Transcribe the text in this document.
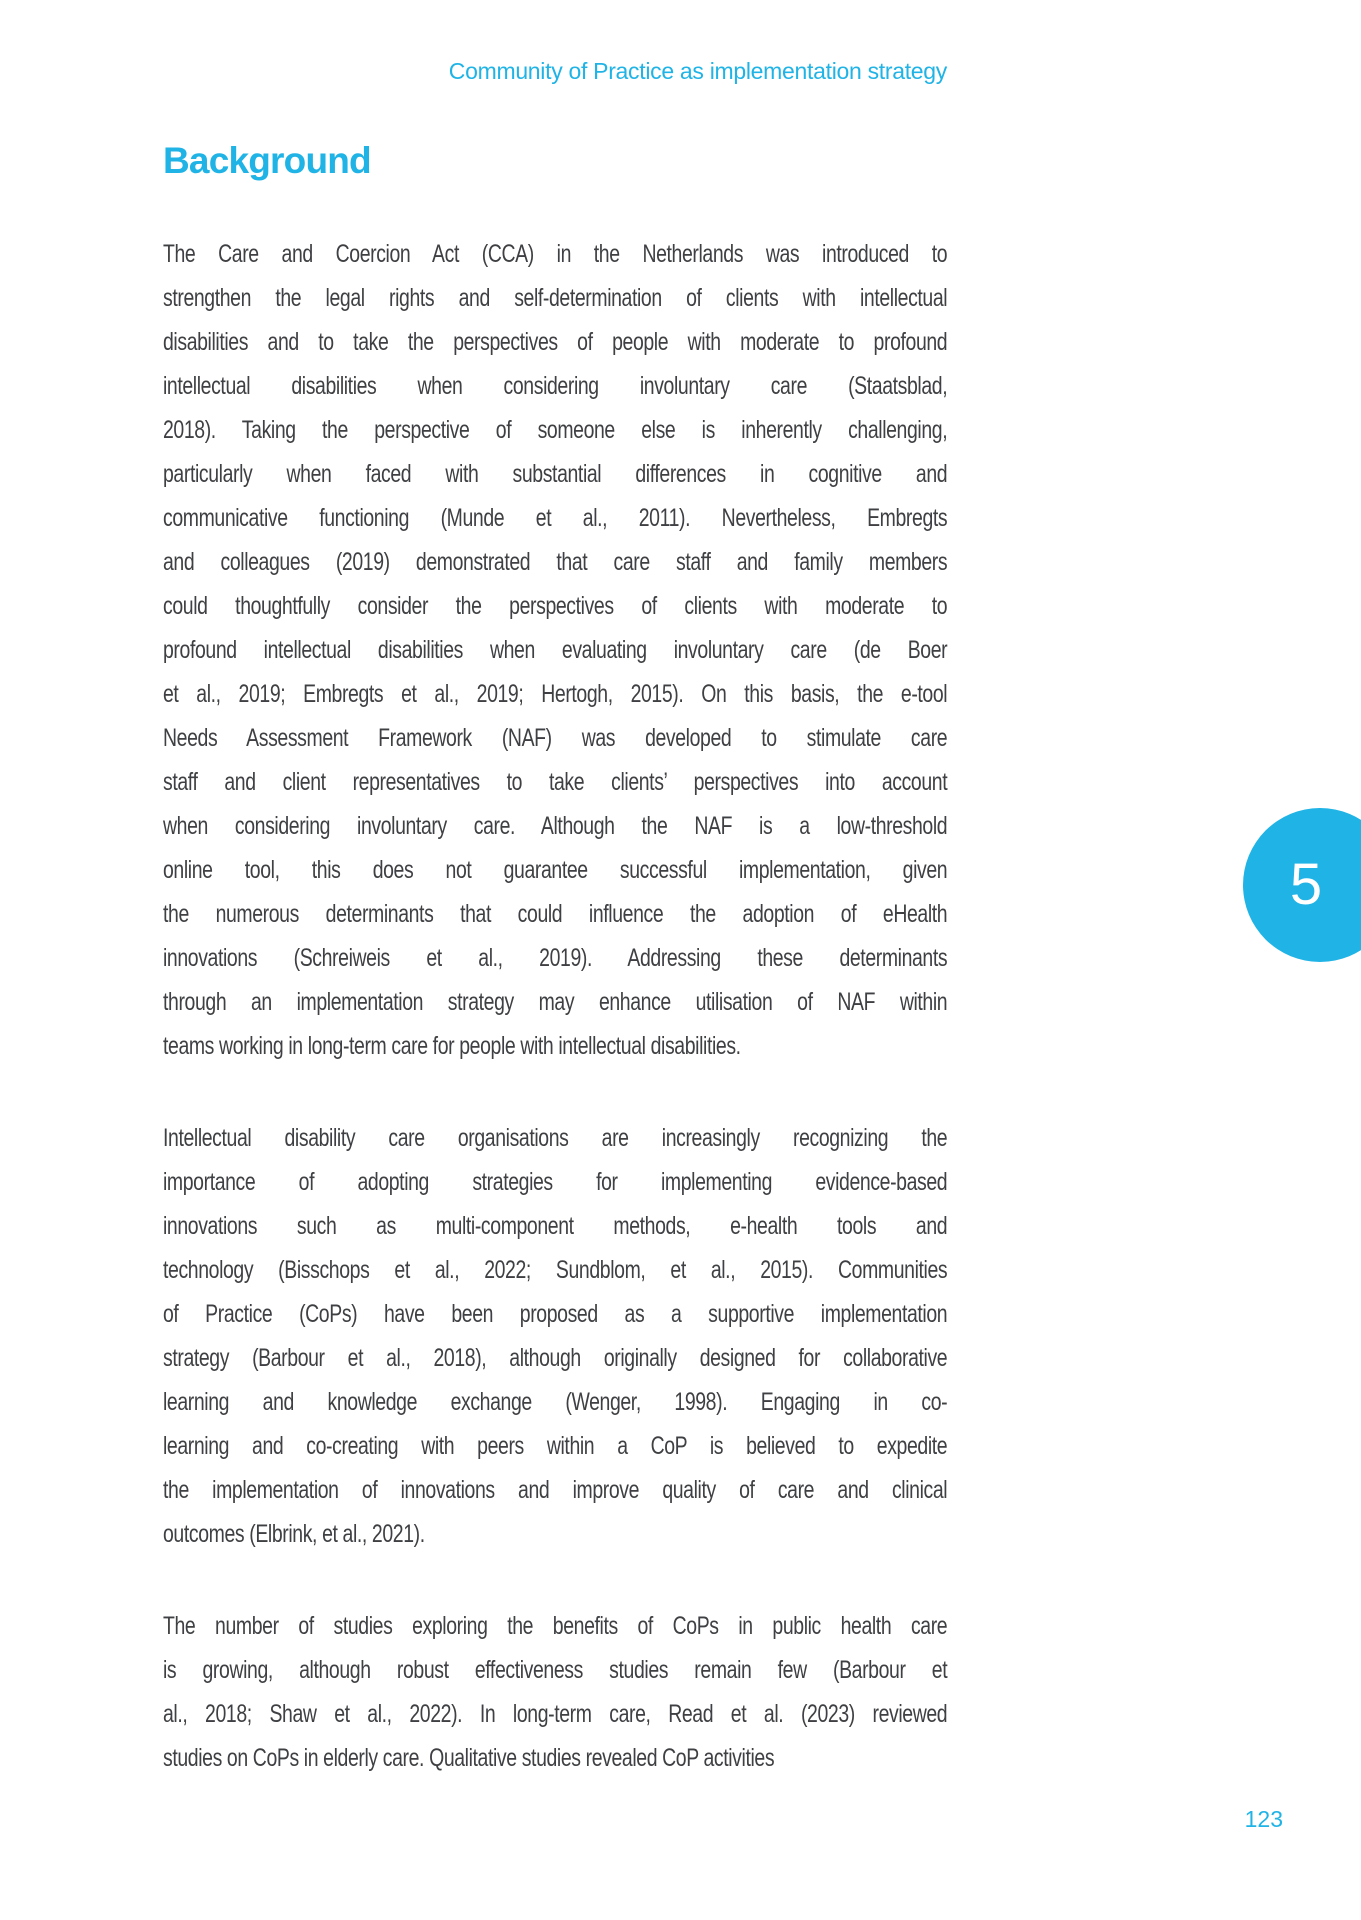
Community of Practice as implementation strategy
Background
The Care and Coercion Act (CCA) in the Netherlands was introduced to
strengthen the legal rights and self-determination of clients with intellectual
disabilities and to take the perspectives of people with moderate to profound
intellectual disabilities when considering involuntary care (Staatsblad,
2018). Taking the perspective of someone else is inherently challenging,
particularly when faced with substantial differences in cognitive and
communicative functioning (Munde et al., 2011). Nevertheless, Embregts
and colleagues (2019) demonstrated that care staff and family members
could thoughtfully consider the perspectives of clients with moderate to
profound intellectual disabilities when evaluating involuntary care (de Boer
et al., 2019; Embregts et al., 2019; Hertogh, 2015). On this basis, the e-tool
Needs Assessment Framework (NAF) was developed to stimulate care
staff and client representatives to take clients’ perspectives into account
when considering involuntary care. Although the NAF is a low-threshold
online tool, this does not guarantee successful implementation, given
the numerous determinants that could influence the adoption of eHealth
innovations (Schreiweis et al., 2019). Addressing these determinants
through an implementation strategy may enhance utilisation of NAF within
teams working in long-term care for people with intellectual disabilities.
Intellectual disability care organisations are increasingly recognizing the
importance of adopting strategies for implementing evidence-based
innovations such as multi-component methods, e-health tools and
technology (Bisschops et al., 2022; Sundblom, et al., 2015). Communities
of Practice (CoPs) have been proposed as a supportive implementation
strategy (Barbour et al., 2018), although originally designed for collaborative
learning and knowledge exchange (Wenger, 1998). Engaging in co-
learning and co-creating with peers within a CoP is believed to expedite
the implementation of innovations and improve quality of care and clinical
outcomes (Elbrink, et al., 2021).
The number of studies exploring the benefits of CoPs in public health care
is growing, although robust effectiveness studies remain few (Barbour et
al., 2018; Shaw et al., 2022). In long-term care, Read et al. (2023) reviewed
studies on CoPs in elderly care. Qualitative studies revealed CoP activities
5
123
